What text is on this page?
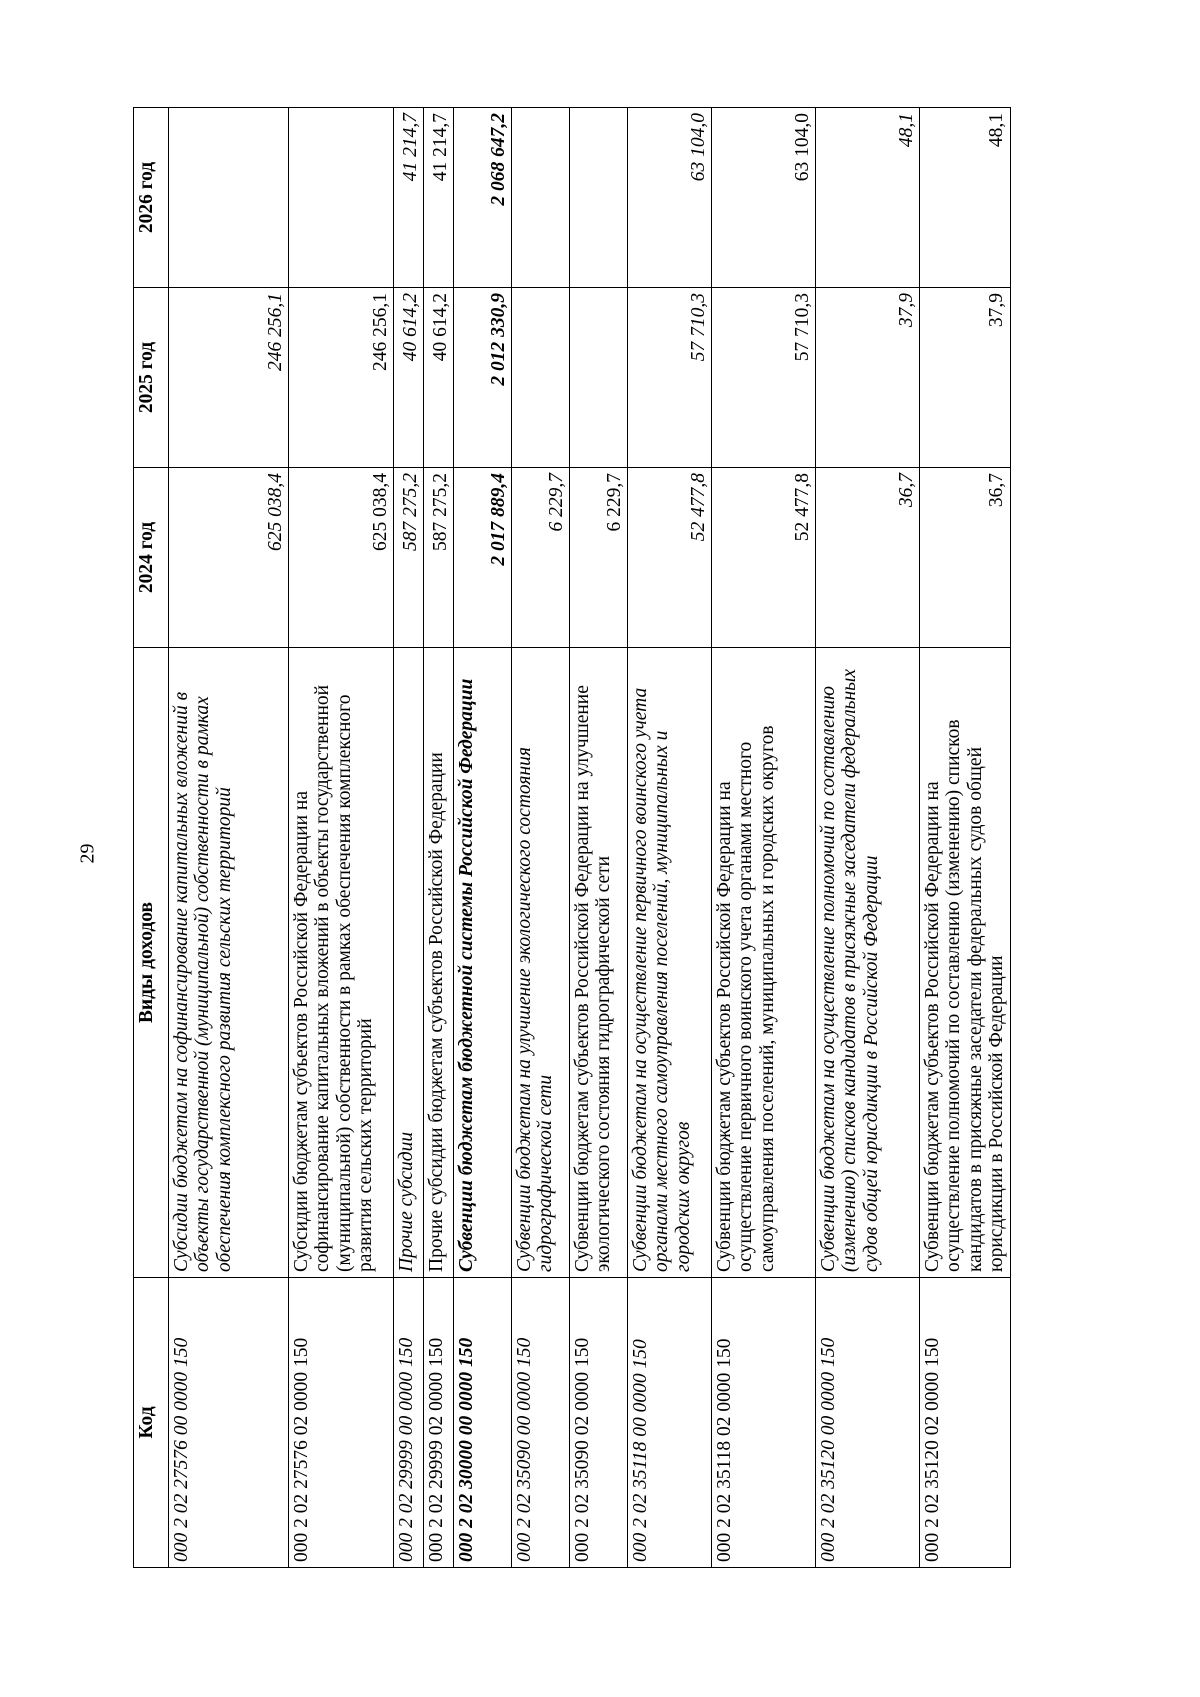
29
Код	Виды доходов	2024 год	2025 год	2026 год
000 2 02 27576 00 0000 150	Субсидии бюджетам на софинансирование капитальных вложений в объекты государственной (муниципальной) собственности в рамках обеспечения комплексного развития сельских территорий	625 038,4	246 256,1	
000 2 02 27576 02 0000 150	Субсидии бюджетам субъектов Российской Федерации на софинансирование капитальных вложений в объекты государственной (муниципальной) собственности в рамках обеспечения комплексного развития сельских территорий	625 038,4	246 256,1	
000 2 02 29999 00 0000 150	Прочие субсидии	587 275,2	40 614,2	41 214,7
000 2 02 29999 02 0000 150	Прочие субсидии бюджетам субъектов Российской Федерации	587 275,2	40 614,2	41 214,7
000 2 02 30000 00 0000 150	Субвенции бюджетам бюджетной системы Российской Федерации	2 017 889,4	2 012 330,9	2 068 647,2
000 2 02 35090 00 0000 150	Субвенции бюджетам на улучшение экологического состояния гидрографической сети	6 229,7		
000 2 02 35090 02 0000 150	Субвенции бюджетам субъектов Российской Федерации на улучшение экологического состояния гидрографической сети	6 229,7		
000 2 02 35118 00 0000 150	Субвенции бюджетам на осуществление первичного воинского учета органами местного самоуправления поселений, муниципальных и городских округов	52 477,8	57 710,3	63 104,0
000 2 02 35118 02 0000 150	Субвенции бюджетам субъектов Российской Федерации на осуществление первичного воинского учета органами местного самоуправления поселений, муниципальных и городских округов	52 477,8	57 710,3	63 104,0
000 2 02 35120 00 0000 150	Субвенции бюджетам на осуществление полномочий по составлению (изменению) списков кандидатов в присяжные заседатели федеральных судов общей юрисдикции в Российской Федерации	36,7	37,9	48,1
000 2 02 35120 02 0000 150	Субвенции бюджетам субъектов Российской Федерации на осуществление полномочий по составлению (изменению) списков кандидатов в присяжные заседатели федеральных судов общей юрисдикции в Российской Федерации	36,7	37,9	48,1
